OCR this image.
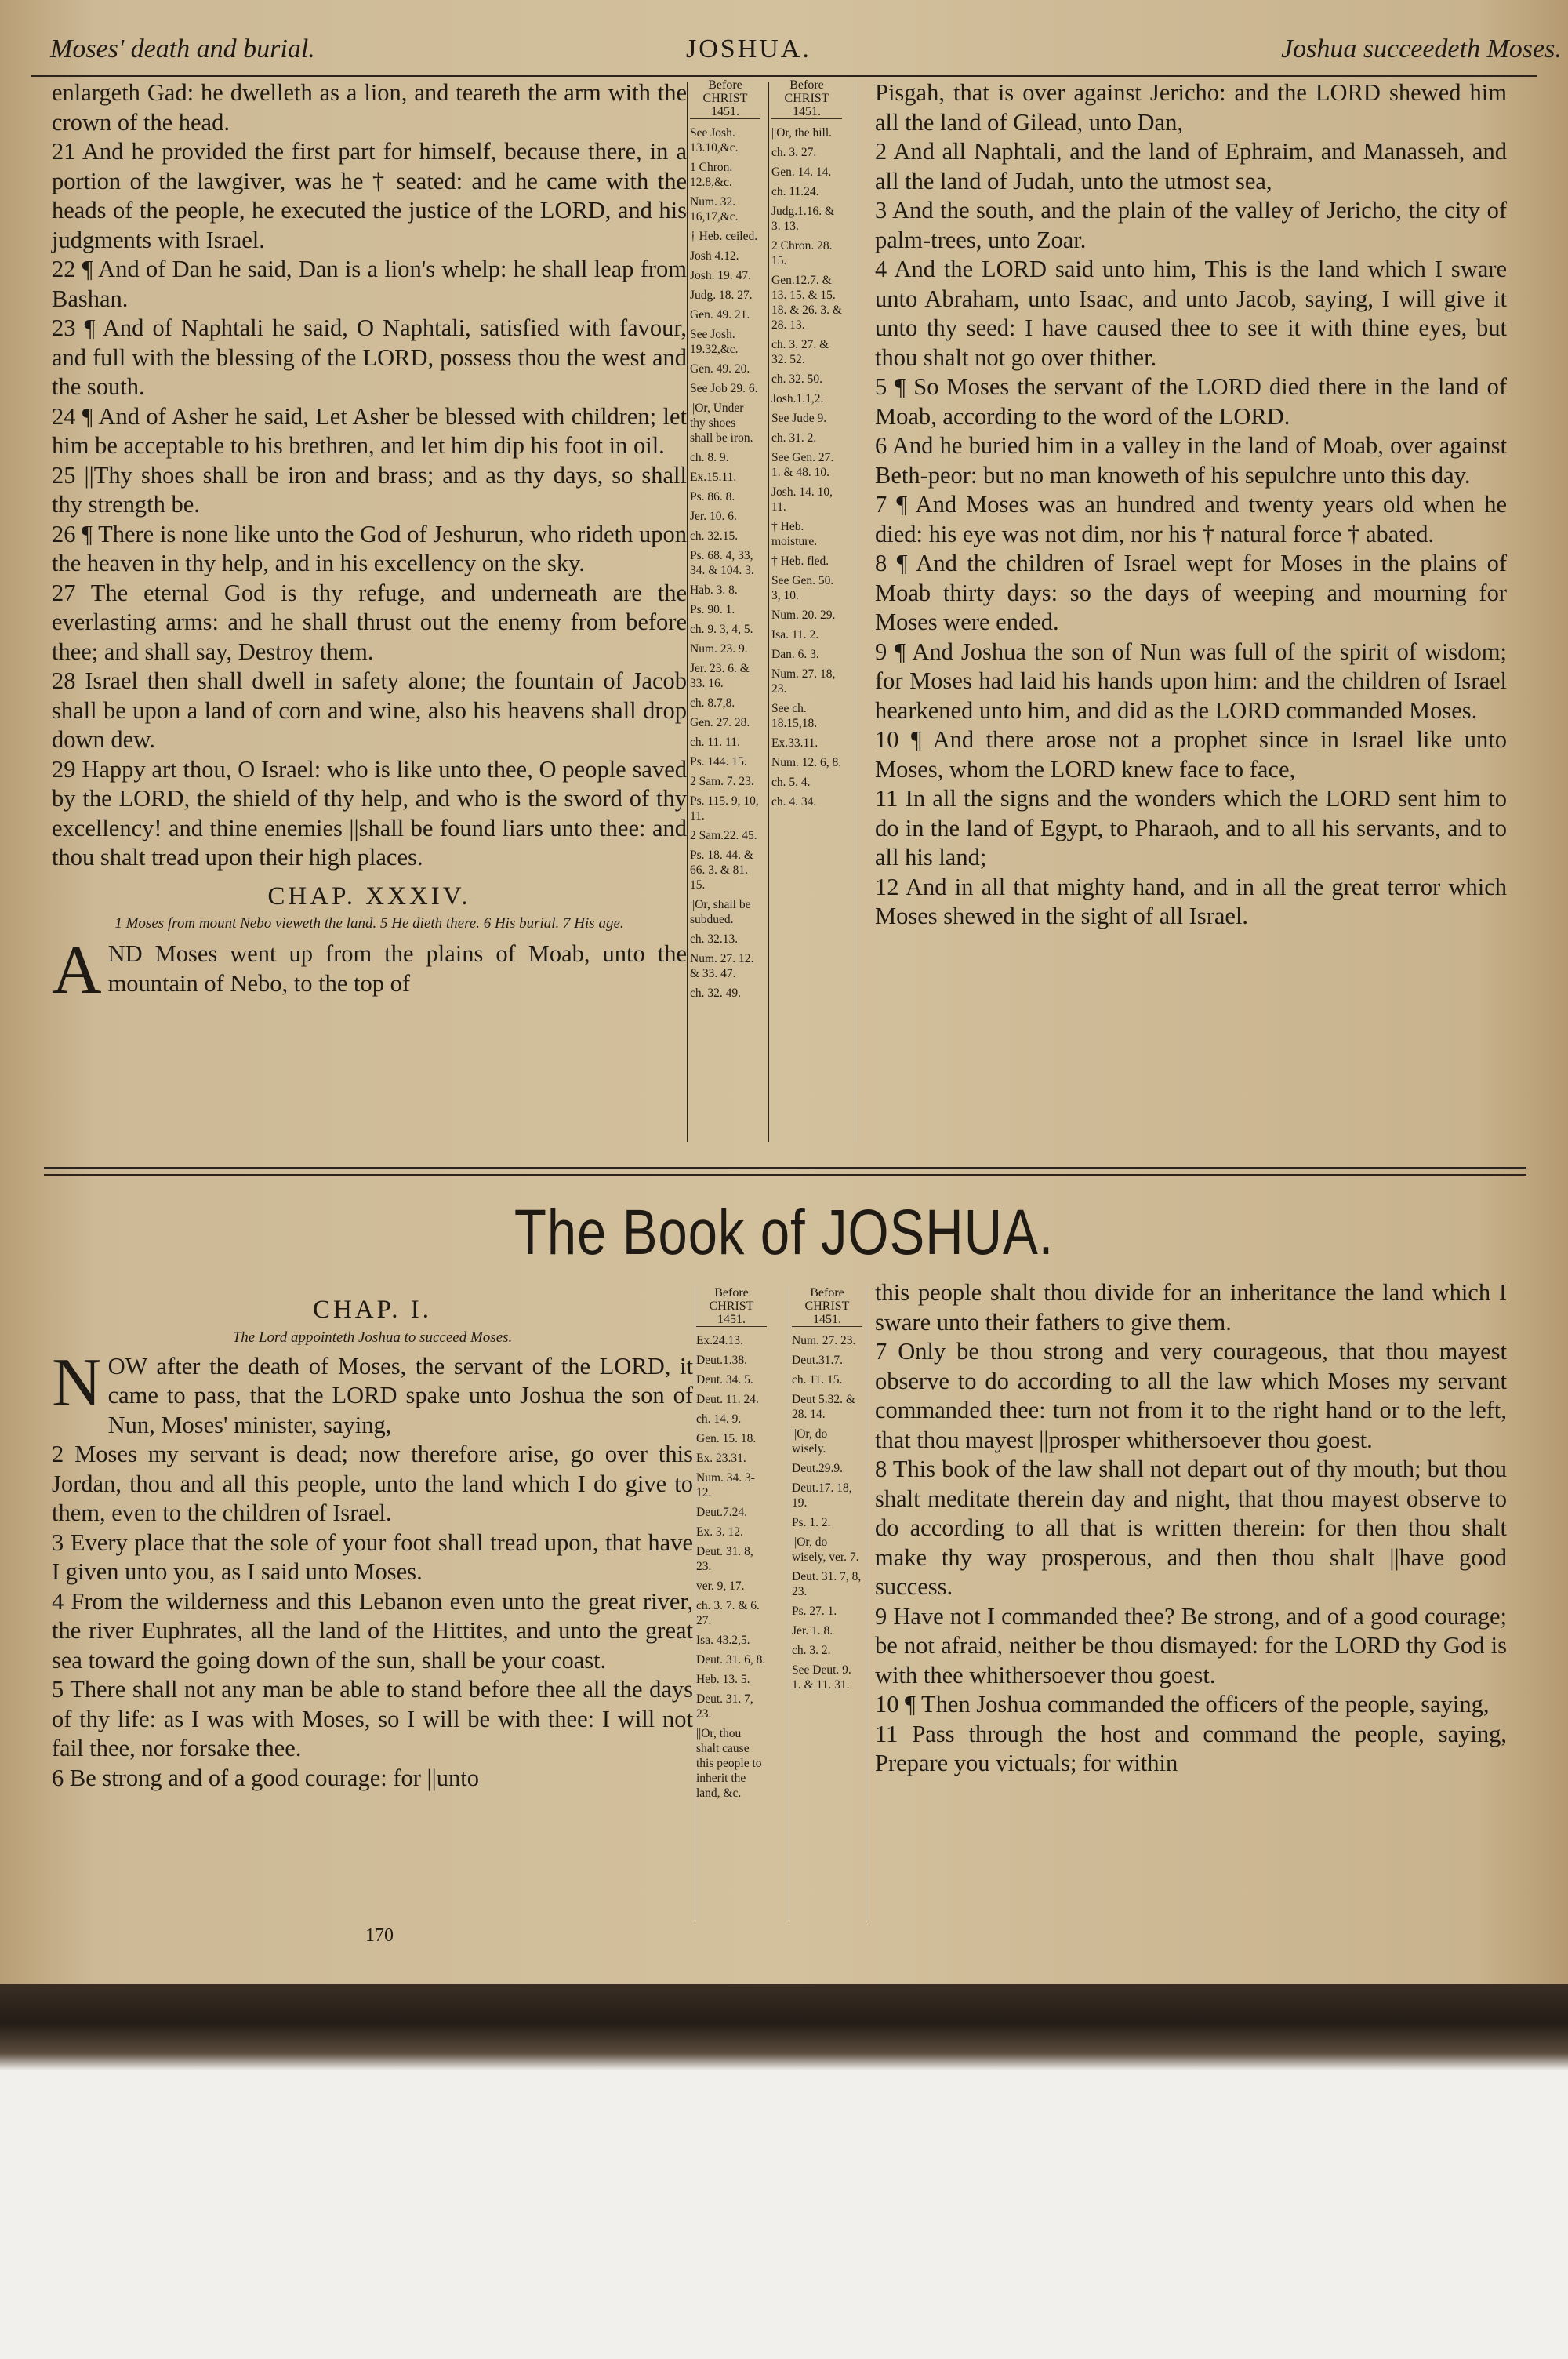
Moses' death and burial.	JOSHUA.	Joshua succeedeth Moses.

enlargeth Gad: he dwelleth as a lion, and teareth the arm with the crown of the head.

21 And he provided the first part for himself, because there, in a portion of the lawgiver, was he † seated: and he came with the heads of the people, he executed the justice of the LORD, and his judgments with Israel.

22 ¶ And of Dan he said, Dan is a lion's whelp: he shall leap from Bashan.

23 ¶ And of Naphtali he said, O Naphtali, satisfied with favour, and full with the blessing of the LORD, possess thou the west and the south.

24 ¶ And of Asher he said, Let Asher be blessed with children; let him be acceptable to his brethren, and let him dip his foot in oil.

25 ||Thy shoes shall be iron and brass; and as thy days, so shall thy strength be.

26 ¶ There is none like unto the God of Jeshurun, who rideth upon the heaven in thy help, and in his excellency on the sky.

27 The eternal God is thy refuge, and underneath are the everlasting arms: and he shall thrust out the enemy from before thee; and shall say, Destroy them.

28 Israel then shall dwell in safety alone; the fountain of Jacob shall be upon a land of corn and wine, also his heavens shall drop down dew.

29 Happy art thou, O Israel: who is like unto thee, O people saved by the LORD, the shield of thy help, and who is the sword of thy excellency! and thine enemies ||shall be found liars unto thee: and thou shalt tread upon their high places.

CHAP. XXXIV.
1 Moses from mount Nebo vieweth the land. 5 He dieth there. 6 His burial. 7 His age.

AND Moses went up from the plains of Moab, unto the mountain of Nebo, to the top of

Before CHRIST 1451.
See Josh. 13.10,&c.
1 Chron. 12.8,&c.
Num. 32. 16,17,&c.
† Heb. ceiled.
Josh 4.12.
Josh. 19. 47.
Judg. 18. 27.
Gen. 49. 21.
See Josh. 19.32,&c.
Gen. 49. 20.
See Job 29. 6.
||Or, Under thy shoes shall be iron.
ch. 8. 9.
Ex.15.11.
Ps. 86. 8.
Jer. 10. 6.
ch. 32.15.
Ps. 68. 4, 33, 34. & 104. 3.
Hab. 3. 8.
Ps. 90. 1.
ch. 9. 3, 4, 5.
Num. 23. 9.
Jer. 23. 6. & 33. 16.
ch. 8.7,8.
Gen. 27. 28.
ch. 11. 11.
Ps. 144. 15.
2 Sam. 7. 23.
Ps. 115. 9, 10, 11.
2 Sam.22. 45.
Ps. 18. 44. & 66. 3. & 81. 15.
||Or, shall be subdued.
ch. 32.13.
Num. 27. 12. & 33. 47.
ch. 32. 49.
Before CHRIST 1451.
||Or, the hill.
ch. 3. 27.
Gen. 14. 14.
ch. 11.24.
Judg.1.16. & 3. 13.
2 Chron. 28. 15.
Gen.12.7. & 13. 15. & 15. 18. & 26. 3. & 28. 13.
ch. 3. 27. & 32. 52.
ch. 32. 50.
Josh.1.1,2.
See Jude 9.
ch. 31. 2.
See Gen. 27. 1. & 48. 10.
Josh. 14. 10, 11.
† Heb. moisture.
† Heb. fled.
See Gen. 50. 3, 10.
Num. 20. 29.
Isa. 11. 2.
Dan. 6. 3.
Num. 27. 18, 23.
See ch. 18.15,18.
Ex.33.11.
Num. 12. 6, 8.
ch. 5. 4.
ch. 4. 34.

Pisgah, that is over against Jericho: and the LORD shewed him all the land of Gilead, unto Dan,

2 And all Naphtali, and the land of Ephraim, and Manasseh, and all the land of Judah, unto the utmost sea,

3 And the south, and the plain of the valley of Jericho, the city of palm-trees, unto Zoar.

4 And the LORD said unto him, This is the land which I sware unto Abraham, unto Isaac, and unto Jacob, saying, I will give it unto thy seed: I have caused thee to see it with thine eyes, but thou shalt not go over thither.

5 ¶ So Moses the servant of the LORD died there in the land of Moab, according to the word of the LORD.

6 And he buried him in a valley in the land of Moab, over against Beth-peor: but no man knoweth of his sepulchre unto this day.

7 ¶ And Moses was an hundred and twenty years old when he died: his eye was not dim, nor his † natural force † abated.

8 ¶ And the children of Israel wept for Moses in the plains of Moab thirty days: so the days of weeping and mourning for Moses were ended.

9 ¶ And Joshua the son of Nun was full of the spirit of wisdom; for Moses had laid his hands upon him: and the children of Israel hearkened unto him, and did as the LORD commanded Moses.

10 ¶ And there arose not a prophet since in Israel like unto Moses, whom the LORD knew face to face,

11 In all the signs and the wonders which the LORD sent him to do in the land of Egypt, to Pharaoh, and to all his servants, and to all his land;

12 And in all that mighty hand, and in all the great terror which Moses shewed in the sight of all Israel.

The Book of JOSHUA.
CHAP. I.
The Lord appointeth Joshua to succeed Moses.

NOW after the death of Moses, the servant of the LORD, it came to pass, that the LORD spake unto Joshua the son of Nun, Moses' minister, saying,

2 Moses my servant is dead; now therefore arise, go over this Jordan, thou and all this people, unto the land which I do give to them, even to the children of Israel.

3 Every place that the sole of your foot shall tread upon, that have I given unto you, as I said unto Moses.

4 From the wilderness and this Lebanon even unto the great river, the river Euphrates, all the land of the Hittites, and unto the great sea toward the going down of the sun, shall be your coast.

5 There shall not any man be able to stand before thee all the days of thy life: as I was with Moses, so I will be with thee: I will not fail thee, nor forsake thee.

6 Be strong and of a good courage: for ||unto

Before CHRIST 1451.
Ex.24.13.
Deut.1.38.
Deut. 34. 5.
Deut. 11. 24.
ch. 14. 9.
Gen. 15. 18.
Ex. 23.31.
Num. 34. 3-12.
Deut.7.24.
Ex. 3. 12.
Deut. 31. 8, 23.
ver. 9, 17.
ch. 3. 7. & 6. 27.
Isa. 43.2,5.
Deut. 31. 6, 8.
Heb. 13. 5.
Deut. 31. 7, 23.
||Or, thou shalt cause this people to inherit the land, &c.
Before CHRIST 1451.
Num. 27. 23.
Deut.31.7.
ch. 11. 15.
Deut 5.32. & 28. 14.
||Or, do wisely.
Deut.29.9.
Deut.17. 18, 19.
Ps. 1. 2.
||Or, do wisely, ver. 7.
Deut. 31. 7, 8, 23.
Ps. 27. 1.
Jer. 1. 8.
ch. 3. 2.
See Deut. 9. 1. & 11. 31.

this people shalt thou divide for an inheritance the land which I sware unto their fathers to give them.

7 Only be thou strong and very courageous, that thou mayest observe to do according to all the law which Moses my servant commanded thee: turn not from it to the right hand or to the left, that thou mayest ||prosper whithersoever thou goest.

8 This book of the law shall not depart out of thy mouth; but thou shalt meditate therein day and night, that thou mayest observe to do according to all that is written therein: for then thou shalt make thy way prosperous, and then thou shalt ||have good success.

9 Have not I commanded thee? Be strong, and of a good courage; be not afraid, neither be thou dismayed: for the LORD thy God is with thee whithersoever thou goest.

10 ¶ Then Joshua commanded the officers of the people, saying,

11 Pass through the host and command the people, saying, Prepare you victuals; for within

170
